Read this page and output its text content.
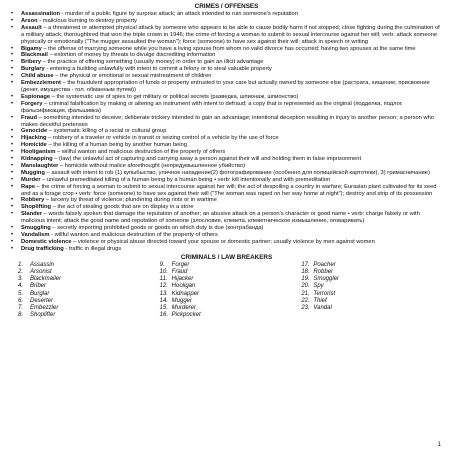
CRIMES / OFFENSES
• Assassination - murder of a public figure by surprise attack; an attack intended to ruin someone's reputation
• Arson - malicious burning to destroy property
• Assault – a threatened or attempted physical attack by someone who appears to be able to cause bodily harm if not stopped; close fighting during the culmination of a military attack; thoroughbred that won the triple crown in 1946; the crime of forcing a woman to submit to sexual intercourse against her will; verb: attack someone physically or emotionally ("The mugger assaulted the woman"); force (someone) to have sex against their will; attack in speech or writing
• Bigamy – the offense of marrying someone while you have a living spouse from whom no valid divorce has occurred; having two spouses at the same time
• Blackmail – extortion of money by threats to divulge discrediting information
• Bribery – the practice of offering something (usually money) in order to gain an illicit advantage
• Burglary - entering a building unlawfully with intent to commit a felony or to steal valuable property
• Child abuse – the physical or emotional or sexual mistreatment of children
• Embezzlement – the fraudulent appropriation of funds or property entrusted to your care but actually owned by someone else (растрата, хищение, присвоение (денег, имущества - гол. обманным путем))
• Espionage – the systematic use of spies to get military or political secrets (разведка, шпионаж, шпионство)
• Forgery – criminal falsification by making or altering an instrument with intent to defraud; a copy that is represented as the original (подделка, подлог, фальсификация, фальшивка)
• Fraud – something intended to deceive; deliberate trickery intended to gain an advantage; intentional deception resulting in injury to another person; a person who makes deceitful pretenses
• Genocide – systematic killing of a racial or cultural group
• Hijacking – robbery of a traveler or vehicle in transit or seizing control of a vehicle by the use of force
• Homicide – the killing of a human being by another human being
• Hooliganism – willful wanton and malicious destruction of the property of others
• Kidnapping – (law) the unlawful act of capturing and carrying away a person against their will and holding them in false imprisonment
• Manslaughter – homicide without malice aforethought (непредумышленное убийство)
• Mugging – assault with intent to rob (1) купыбыство, уличное нападение(2) фотографирование (особенно для полицейской картотеки), 3) гримасничание)
• Murder – unlawful premeditated killing of a human being by a human being • verb: kill intentionally and with premeditation
• Rape – the crime of forcing a woman to submit to sexual intercourse against her will; the act of despoiling a country in warfare; Eurasian plant cultivated for its seed and as a forage crop • verb: force (someone) to have sex against their will ("The woman was raped on her way home at night"); destroy and strip of its possession
• Robbery – larceny by threat of violence; plundering during riots or in wartime
• Shoplifting – the act of stealing goods that are on display in a store
• Slander – words falsely spoken that damage the reputation of another; an abusive attack on a person's character or good name • verb: charge falsely or with malicious intent; attack the good name and reputation of someone (злословие, клевета, клеветническое измышление, оговаривать)
• Smuggling – secretly importing prohibited goods or goods on which duty is due (контрабанда)
• Vandalism - willful wanton and malicious destruction of the property of others
• Domestic violence – violence or physical abuse directed toward your spouse or domestic partner; usually violence by men against women
• Drug trafficking - traffic in illegal drugs
CRIMINALS / LAW BREAKERS
1.	Assassin
2.	Arsonist
3.	Blackmailer
4.	Briber
5.	Burglar
6.	Deserter
7.	Embezzler
8.	Shoplifter
9.	Forger
10. Fraud
11. Hijacker
12. Hooligan
13. Kidnapper
14. Mugger
15. Murderer
16. Pickpocket
17. Poacher
18. Robber
19. Smuggler
20. Spy
21. Terrorist
22. Thief
23. Vandal
1
